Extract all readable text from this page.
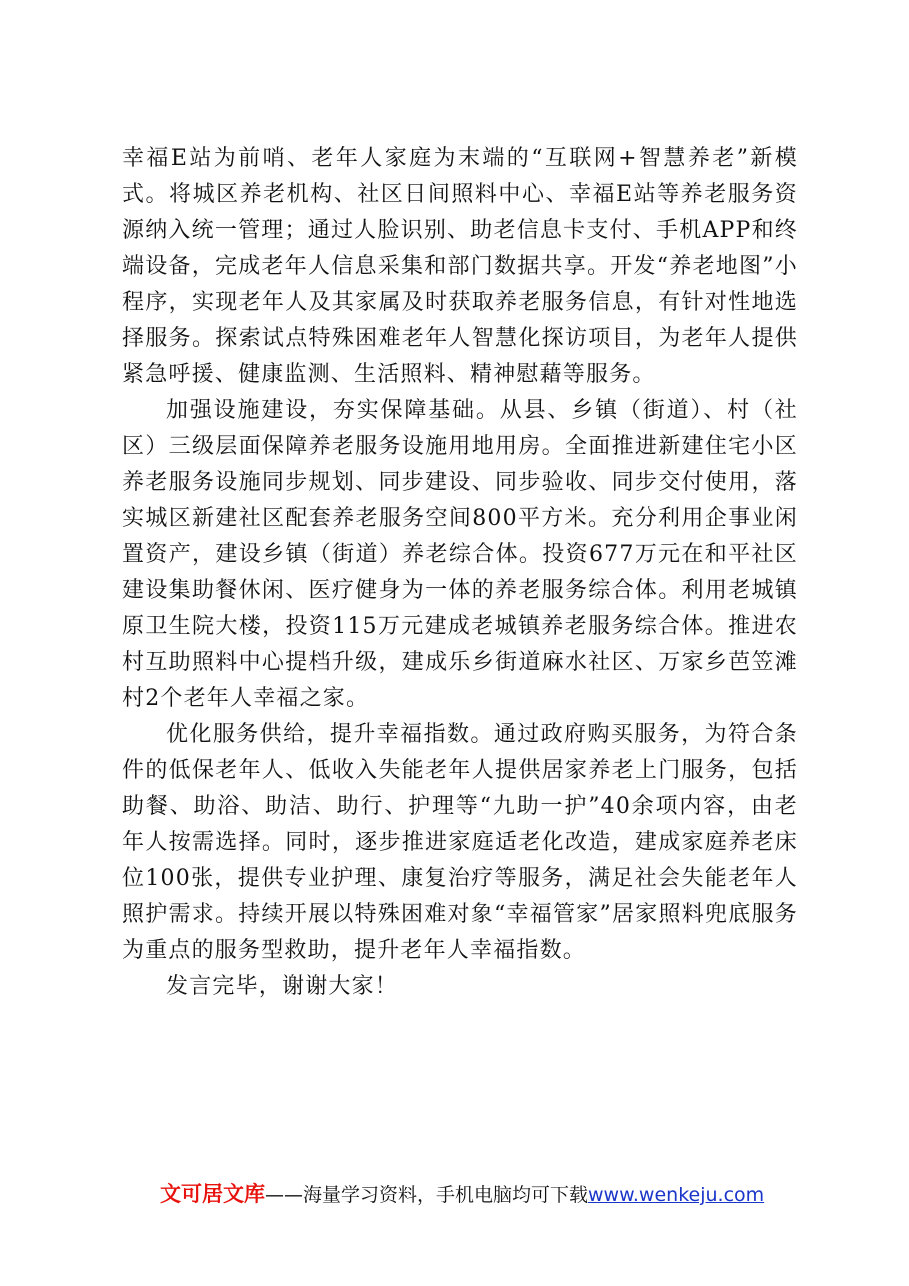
幸福E站为前哨、老年人家庭为末端的“互联网+智慧养老”新模式。将城区养老机构、社区日间照料中心、幸福E站等养老服务资源纳入统一管理；通过人脸识别、助老信息卡支付、手机APP和终端设备，完成老年人信息采集和部门数据共享。开发“养老地图”小程序，实现老年人及其家属及时获取养老服务信息，有针对性地选择服务。探索试点特殊困难老年人智慧化探访项目，为老年人提供紧急呼援、健康监测、生活照料、精神慰藉等服务。

加强设施建设，夯实保障基础。从县、乡镇（街道）、村（社区）三级层面保障养老服务设施用地用房。全面推进新建住宅小区养老服务设施同步规划、同步建设、同步验收、同步交付使用，落实城区新建社区配套养老服务空间800平方米。充分利用企事业闲置资产，建设乡镇（街道）养老综合体。投资677万元在和平社区建设集助餐休闲、医疗健身为一体的养老服务综合体。利用老城镇原卫生院大楼，投资115万元建成老城镇养老服务综合体。推进农村互助照料中心提档升级，建成乐乡街道麻水社区、万家乡芭笠滩村2个老年人幸福之家。

优化服务供给，提升幸福指数。通过政府购买服务，为符合条件的低保老年人、低收入失能老年人提供居家养老上门服务，包括助餐、助浴、助洁、助行、护理等“九助一护”40余项内容，由老年人按需选择。同时，逐步推进家庭适老化改造，建成家庭养老床位100张，提供专业护理、康复治疗等服务，满足社会失能老年人照护需求。持续开展以特殊困难对象“幸福管家”居家照料兜底服务为重点的服务型救助，提升老年人幸福指数。

发言完毕，谢谢大家！

文可居文库——海量学习资料，手机电脑均可下载www.wenkeju.com
